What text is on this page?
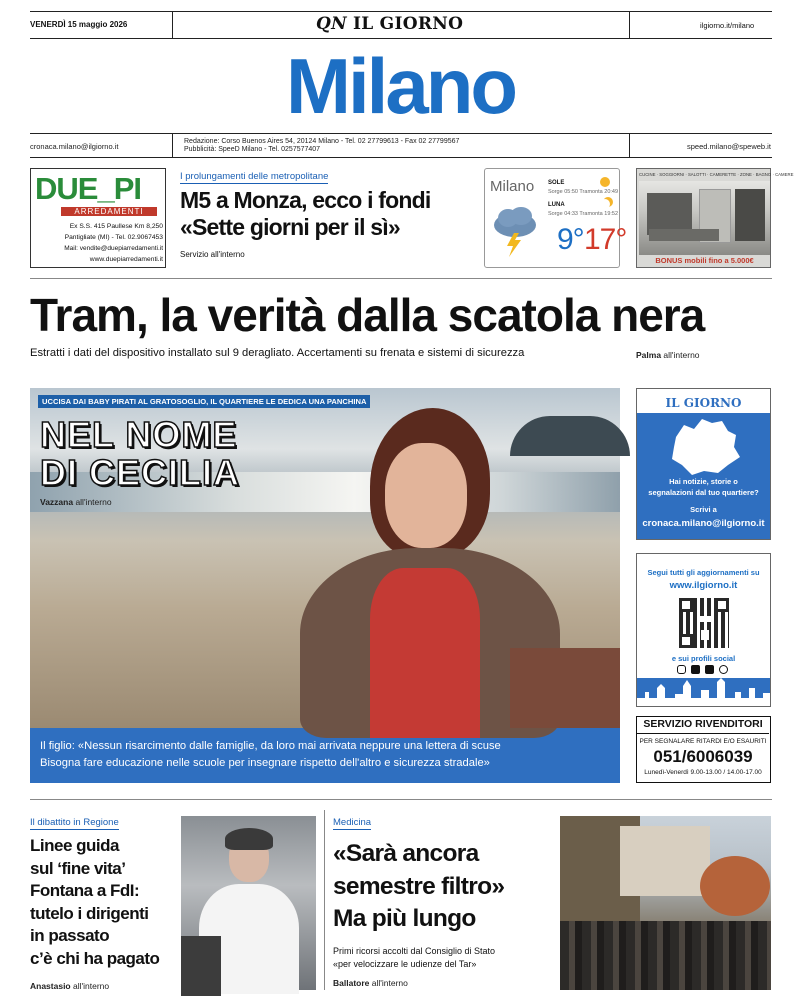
VENERDÌ 15 maggio 2026	QN IL GIORNO	ilgiorno.it/milano
Milano
cronaca.milano@ilgiorno.it
Redazione: Corso Buenos Aires 54, 20124 Milano - Tel. 02 27799613 - Fax 02 27799567
Pubblicità: SpeeD Milano - Tel. 0257577407	speed.milano@speweb.it
DUE_PI
ARREDAMENTI
Ex S.S. 415 Paullese Km 8,250
Pantigliate (MI) - Tel. 02.9067453
Mail: vendite@duepiarredamenti.it
www.duepiarredamenti.it
I prolungamenti delle metropolitane
M5 a Monza, ecco i fondi «Sette giorni per il sì»
Servizio all'interno
Milano SOLE
Sorge 05:50 Tramonta 20:49
LUNA
Sorge 04:33 Tramonta 19:52
9° 17°
CUCINE · SOGGIORNI · SALOTTI · CAMERETTE · ZONE · BAGNO · CAMERE
BONUS mobili fino a 5.000€
Tram, la verità dalla scatola nera
Estratti i dati del dispositivo installato sul 9 deragliato. Accertamenti su frenata e sistemi di sicurezza	Palma all'interno
UCCISA DAI BABY PIRATI AL GRATOSOGLIO, IL QUARTIERE LE DEDICA UNA PANCHINA
NEL NOME
DI CECILIA
Vazzana all'interno
Il figlio: «Nessun risarcimento dalle famiglie, da loro mai arrivata neppure una lettera di scuse
Bisogna fare educazione nelle scuole per insegnare rispetto dell'altro e sicurezza stradale»
IL GIORNO
Hai notizie, storie o
segnalazioni dal tuo quartiere?
Scrivi a
cronaca.milano@ilgiorno.it
Segui tutti gli aggiornamenti su
www.ilgiorno.it
e sui profili social
SERVIZIO RIVENDITORI
PER SEGNALARE RITARDI E/O ESAURITI
051/6006039
Lunedì-Venerdì 9.00-13.00 / 14.00-17.00
Il dibattito in Regione
Linee guida
sul ‘fine vita’
Fontana a FdI:
tutelo i dirigenti
in passato
c’è chi ha pagato
Anastasio all'interno
Medicina
«Sarà ancora
semestre filtro»
Ma più lungo
Primi ricorsi accolti dal Consiglio di Stato
«per velocizzare le udienze del Tar»
Ballatore all'interno
